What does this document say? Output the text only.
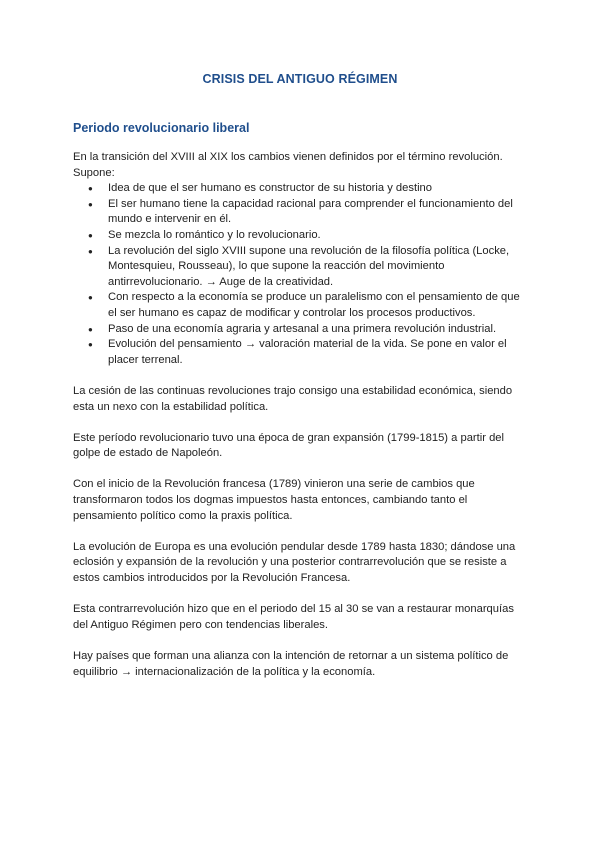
CRISIS DEL ANTIGUO RÉGIMEN
Periodo revolucionario liberal

En la transición del XVIII al XIX los cambios vienen definidos por el término revolución.

Supone:

● Idea de que el ser humano es constructor de su historia y destino
● El ser humano tiene la capacidad racional para comprender el funcionamiento del mundo e intervenir en él.
● Se mezcla lo romántico y lo revolucionario.
● La revolución del siglo XVIII supone una revolución de la filosofía política (Locke, Montesquieu, Rousseau), lo que supone la reacción del movimiento antirrevolucionario. → Auge de la creatividad.
● Con respecto a la economía se produce un paralelismo con el pensamiento de que el ser humano es capaz de modificar y controlar los procesos productivos.
● Paso de una economía agraria y artesanal a una primera revolución industrial.
● Evolución del pensamiento → valoración material de la vida. Se pone en valor el placer terrenal.

La cesión de las continuas revoluciones trajo consigo una estabilidad económica, siendo esta un nexo con la estabilidad política.

Este período revolucionario tuvo una época de gran expansión (1799-1815) a partir del golpe de estado de Napoleón.

Con el inicio de la Revolución francesa (1789) vinieron una serie de cambios que transformaron todos los dogmas impuestos hasta entonces, cambiando tanto el pensamiento político como la praxis política.

La evolución de Europa es una evolución pendular desde 1789 hasta 1830; dándose una eclosión y expansión de la revolución y una posterior contrarrevolución que se resiste a estos cambios introducidos por la Revolución Francesa.

Esta contrarrevolución hizo que en el periodo del 15 al 30 se van a restaurar monarquías del Antiguo Régimen pero con tendencias liberales.

Hay países que forman una alianza con la intención de retornar a un sistema político de equilibrio → internacionalización de la política y la economía.
